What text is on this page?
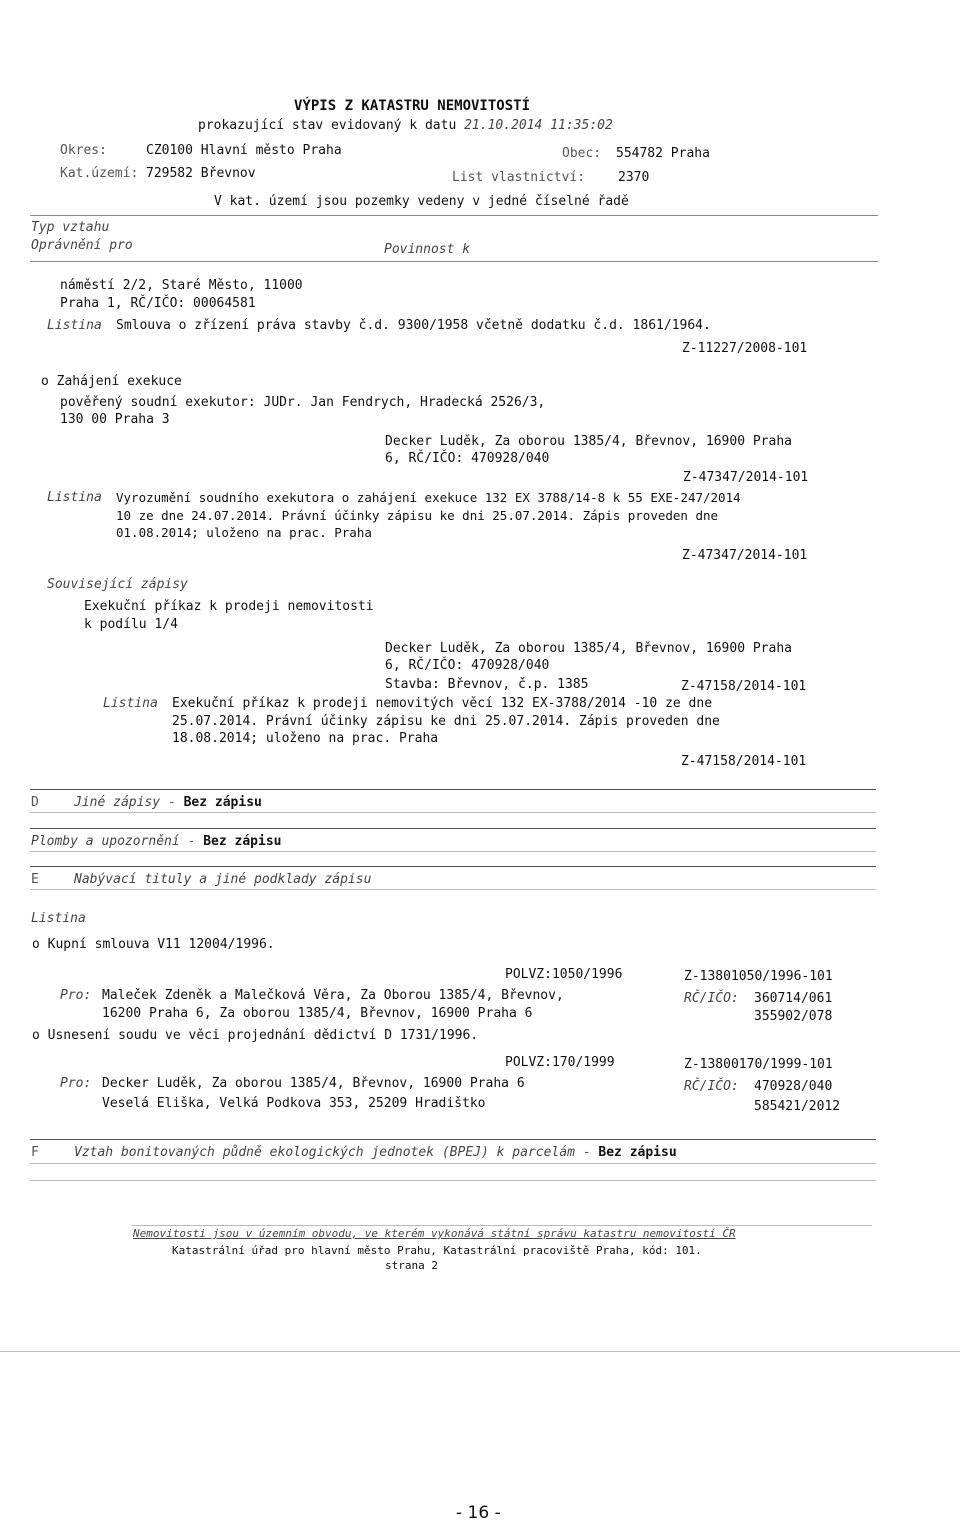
VÝPIS Z KATASTRU NEMOVITOSTÍ
prokazující stav evidovaný k datu 21.10.2014 11:35:02
Okres:	CZ0100 Hlavní město Praha	Obec: 554782 Praha
Kat.území: 729582 Břevnov	List vlastnictví:	2370
V kat. území jsou pozemky vedeny v jedné číselné řadě
Typ vztahu
Oprávnění pro	Povinnost k
náměstí 2/2, Staré Město, 11000
Praha 1, RČ/IČO: 00064581
Listina Smlouva o zřízení práva stavby č.d. 9300/1958 včetně dodatku č.d. 1861/1964.
Z-11227/2008-101
o Zahájení exekuce
pověřený soudní exekutor: JUDr. Jan Fendrych, Hradecká 2526/3,
130 00 Praha 3
Decker Luděk, Za oborou 1385/4, Břevnov, 16900 Praha
6, RČ/IČO: 470928/040
Z-47347/2014-101
Listina Vyrozumění soudního exekutora o zahájení exekuce 132 EX 3788/14-8 k 55 EXE-247/2014
10 ze dne 24.07.2014. Právní účinky zápisu ke dni 25.07.2014. Zápis proveden dne
01.08.2014; uloženo na prac. Praha
Z-47347/2014-101
Související zápisy
Exekuční příkaz k prodeji nemovitosti
k podílu 1/4
Decker Luděk, Za oborou 1385/4, Břevnov, 16900 Praha
6, RČ/IČO: 470928/040
Stavba: Břevnov, č.p. 1385	Z-47158/2014-101
Listina Exekuční příkaz k prodeji nemovitých věcí 132 EX-3788/2014 -10 ze dne
25.07.2014. Právní účinky zápisu ke dni 25.07.2014. Zápis proveden dne
18.08.2014; uloženo na prac. Praha
Z-47158/2014-101
D	Jiné zápisy - Bez zápisu
Plomby a upozornění - Bez zápisu
E	Nabývací tituly a jiné podklady zápisu
Listina
o Kupní smlouva V11 12004/1996.
POLVZ:1050/1996	Z-13801050/1996-101
Pro: Maleček Zdeněk a Malečková Věra, Za Oborou 1385/4, Břevnov,	RČ/IČO: 360714/061
16200 Praha 6, Za oborou 1385/4, Břevnov, 16900 Praha 6	355902/078
o Usnesení soudu ve věci projednání dědictví D 1731/1996.
POLVZ:170/1999	Z-13800170/1999-101
Pro: Decker Luděk, Za oborou 1385/4, Břevnov, 16900 Praha 6	RČ/IČO: 470928/040
Veselá Eliška, Velká Podkova 353, 25209 Hradištko	585421/2012
F	Vztah bonitovaných půdně ekologických jednotek (BPEJ) k parcelám - Bez zápisu
Nemovitosti jsou v územním obvodu, ve kterém vykonává státní správu katastru nemovitostí ČR
Katastrální úřad pro hlavní město Prahu, Katastrální pracoviště Praha, kód: 101.
strana 2
- 16 -
